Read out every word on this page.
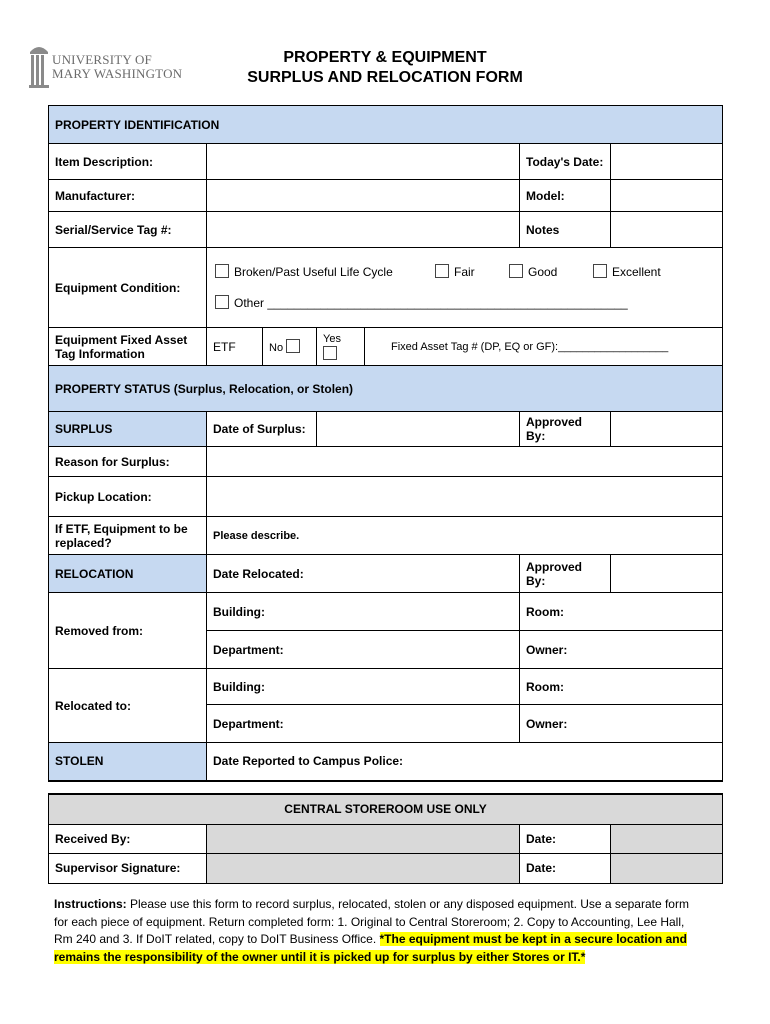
UNIVERSITY OF
MARY WASHINGTON
PROPERTY & EQUIPMENT
SURPLUS AND RELOCATION FORM
PROPERTY IDENTIFICATION						
Item Description:					Today's Date:	
Manufacturer:					Model:	
Serial/Service Tag #:					Notes	
Equipment Condition:	Broken/Past Useful Life Cycle Fair Good Excellent
Other ______________________________________________________					

Equipment Fixed Asset Tag Information	ETF	No	Yes	Fixed Asset Tag # (DP, EQ or GF):__________________		
PROPERTY STATUS (Surplus, Relocation, or Stolen)						
SURPLUS	Date of Surplus:				Approved By:	
Reason for Surplus:						
Pickup Location:						
If ETF, Equipment to be replaced?	Please describe.					
RELOCATION	Date Relocated:				Approved By:	
Removed from:	Building:				Room:	
	Department:				Owner:	
Relocated to:	Building:				Room:	
	Department:				Owner:	
STOLEN	Date Reported to Campus Police:					
CENTRAL STOREROOM USE ONLY			
Received By:		Date:	
Supervisor Signature:		Date:	
Instructions: Please use this form to record surplus, relocated, stolen or any disposed equipment. Use a separate form for each piece of equipment. Return completed form: 1. Original to Central Storeroom; 2. Copy to Accounting, Lee Hall, Rm 240 and 3. If DoIT related, copy to DoIT Business Office. *The equipment must be kept in a secure location and remains the responsibility of the owner until it is picked up for surplus by either Stores or IT.*
